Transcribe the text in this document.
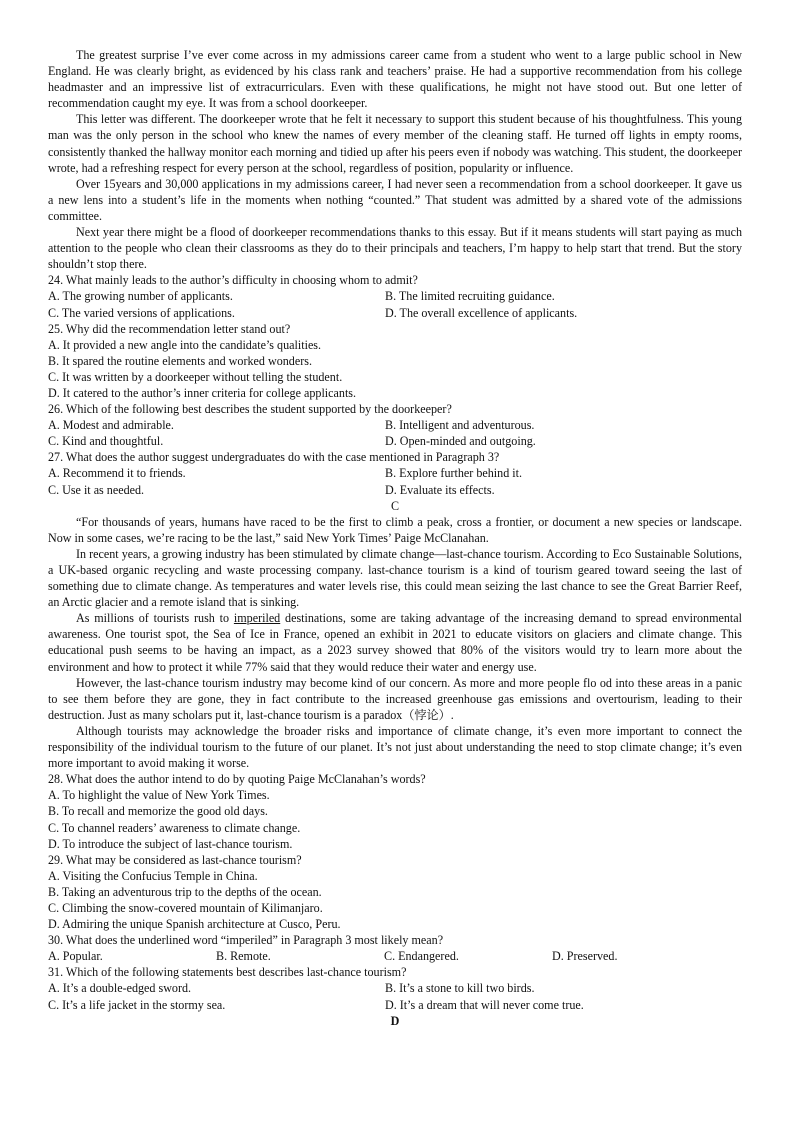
The greatest surprise I’ve ever come across in my admissions career came from a student who went to a large public school in New England. He was clearly bright, as evidenced by his class rank and teachers’ praise. He had a supportive recommendation from his college headmaster and an impressive list of extracurriculars. Even with these qualifications, he might not have stood out. But one letter of recommendation caught my eye. It was from a school doorkeeper.

This letter was different. The doorkeeper wrote that he felt it necessary to support this student because of his thoughtfulness. This young man was the only person in the school who knew the names of every member of the cleaning staff. He turned off lights in empty rooms, consistently thanked the hallway monitor each morning and tidied up after his peers even if nobody was watching. This student, the doorkeeper wrote, had a refreshing respect for every person at the school, regardless of position, popularity or influence.

Over 15years and 30,000 applications in my admissions career, I had never seen a recommendation from a school doorkeeper. It gave us a new lens into a student’s life in the moments when nothing “counted.” That student was admitted by a shared vote of the admissions committee.

Next year there might be a flood of doorkeeper recommendations thanks to this essay. But if it means students will start paying as much attention to the people who clean their classrooms as they do to their principals and teachers, I’m happy to help start that trend. But the story shouldn’t stop there.

24. What mainly leads to the author’s difficulty in choosing whom to admit?

A. The growing number of applicants.	B. The limited recruiting guidance.
C. The varied versions of applications.	D. The overall excellence of applicants.

25. Why did the recommendation letter stand out?

A. It provided a new angle into the candidate’s qualities.

B. It spared the routine elements and worked wonders.

C. It was written by a doorkeeper without telling the student.

D. It catered to the author’s inner criteria for college applicants.

26. Which of the following best describes the student supported by the doorkeeper?

A. Modest and admirable.	B. Intelligent and adventurous.
C. Kind and thoughtful.	D. Open-minded and outgoing.

27. What does the author suggest undergraduates do with the case mentioned in Paragraph 3?

A. Recommend it to friends.	B. Explore further behind it.
C. Use it as needed.	D. Evaluate its effects.

C

“For thousands of years, humans have raced to be the first to climb a peak, cross a frontier, or document a new species or landscape. Now in some cases, we’re racing to be the last,” said New York Times’ Paige McClanahan.

In recent years, a growing industry has been stimulated by climate change—last-chance tourism. According to Eco Sustainable Solutions, a UK-based organic recycling and waste processing company. last-chance tourism is a kind of tourism geared toward seeing the last of something due to climate change. As temperatures and water levels rise, this could mean seizing the last chance to see the Great Barrier Reef, an Arctic glacier and a remote island that is sinking.

As millions of tourists rush to imperiled destinations, some are taking advantage of the increasing demand to spread environmental awareness. One tourist spot, the Sea of Ice in France, opened an exhibit in 2021 to educate visitors on glaciers and climate change. This educational push seems to be having an impact, as a 2023 survey showed that 80% of the visitors would try to learn more about the environment and how to protect it while 77% said that they would reduce their water and energy use.

However, the last-chance tourism industry may become kind of our concern. As more and more people flo od into these areas in a panic to see them before they are gone, they in fact contribute to the increased greenhouse gas emissions and overtourism, leading to their destruction. Just as many scholars put it, last-chance tourism is a paradox（悖论）.

Although tourists may acknowledge the broader risks and importance of climate change, it’s even more important to connect the responsibility of the individual tourism to the future of our planet. It’s not just about understanding the need to stop climate change; it’s even more important to avoid making it worse.

28. What does the author intend to do by quoting Paige McClanahan’s words?

A. To highlight the value of New York Times.

B. To recall and memorize the good old days.

C. To channel readers’ awareness to climate change.

D. To introduce the subject of last-chance tourism.

29. What may be considered as last-chance tourism?

A. Visiting the Confucius Temple in China.

B. Taking an adventurous trip to the depths of the ocean.

C. Climbing the snow-covered mountain of Kilimanjaro.

D. Admiring the unique Spanish architecture at Cusco, Peru.

30. What does the underlined word “imperiled” in Paragraph 3 most likely mean?

A. Popular.	B. Remote.	C. Endangered.	D. Preserved.

31. Which of the following statements best describes last-chance tourism?

A. It’s a double-edged sword.	B. It’s a stone to kill two birds.
C. It’s a life jacket in the stormy sea.	D. It’s a dream that will never come true.

D
